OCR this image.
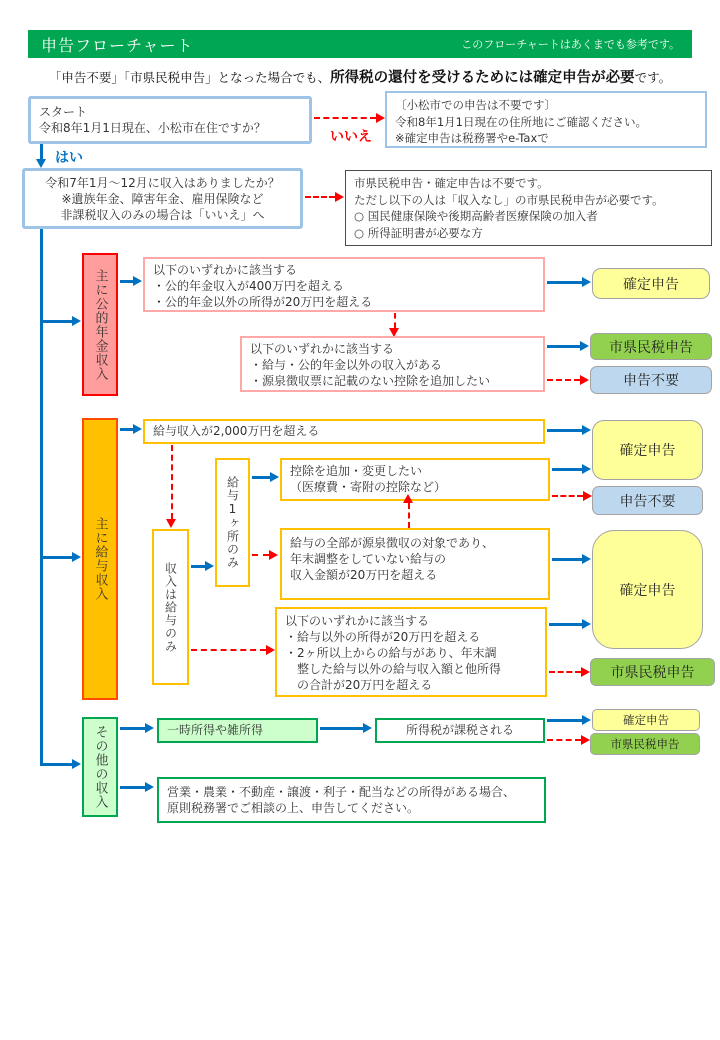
申告フローチャート	このフローチャートはあくまでも参考です。
「申告不要」「市県民税申告」となった場合でも、所得税の還付を受けるためには確定申告が必要です。
スタート
令和8年1月1日現在、小松市在住ですか？
いいえ
〔小松市での申告は不要です〕
令和8年1月1日現在の住所地にご確認ください。
※確定申告は税務署やe-Taxで
はい
令和7年1月～12月に収入はありましたか？
※遺族年金、障害年金、雇用保険など
非課税収入のみの場合は「いいえ」へ
市県民税申告・確定申告は不要です。
ただし以下の人は「収入なし」の市県民税申告が必要です。
○ 国民健康保険や後期高齢者医療保険の加入者
○ 所得証明書が必要な方
主に公的年金収入	以下のいずれかに該当する
・公的年金収入が400万円を超える
・公的年金以外の所得が20万円を超える
確定申告
以下のいずれかに該当する
・給与・公的年金以外の収入がある
・源泉徴収票に記載のない控除を追加したい
市県民税申告
申告不要
主に給与収入
給与収入が2,000万円を超える
確定申告
収入は給与のみ
給与1ヶ所のみ
控除を追加・変更したい
（医療費・寄附の控除など）
申告不要
給与の全部が源泉徴収の対象であり、
年末調整をしていない給与の
収入金額が20万円を超える
確定申告
以下のいずれかに該当する
・給与以外の所得が20万円を超える
・2ヶ所以上からの給与があり、年末調
　整した給与以外の給与収入額と他所得
　の合計が20万円を超える
市県民税申告
その他の収入	一時所得や雑所得	所得税が課税される
確定申告
市県民税申告
営業・農業・不動産・譲渡・利子・配当などの所得がある場合、
原則税務署でご相談の上、申告してください。
